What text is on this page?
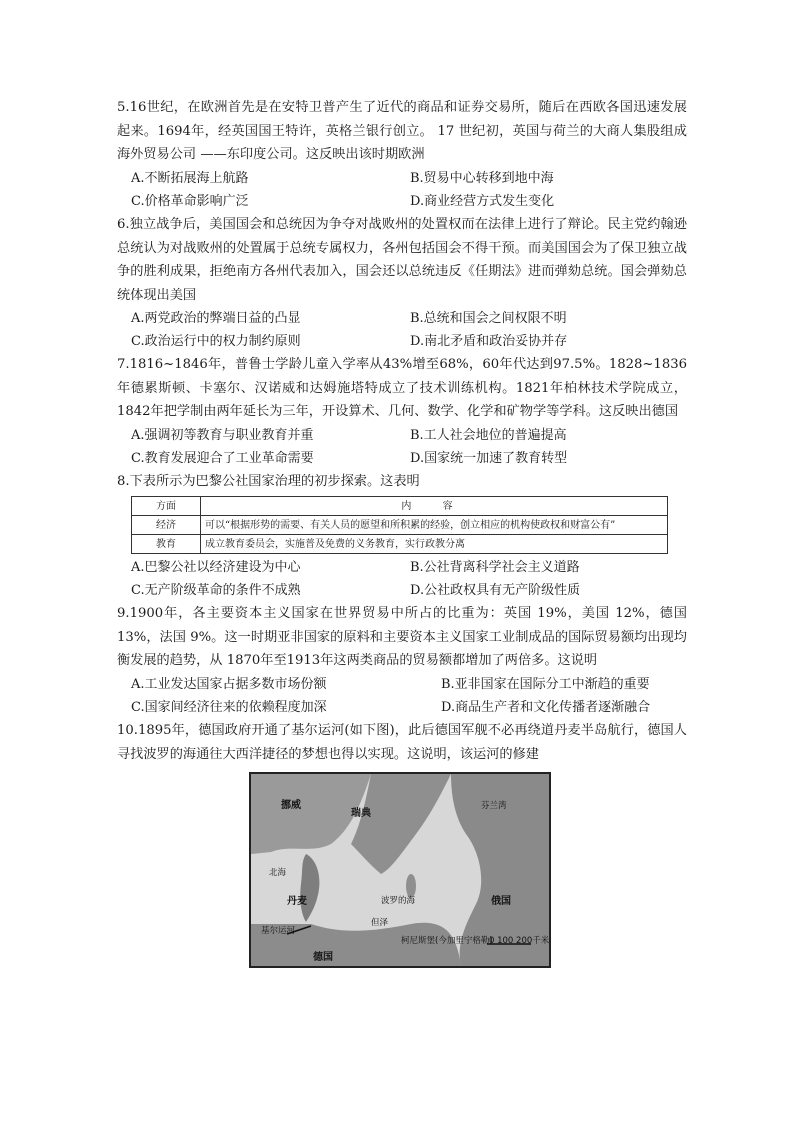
5.16世纪，在欧洲首先是在安特卫普产生了近代的商品和证券交易所，随后在西欧各国迅速发展起来。1694年，经英国国王特许，英格兰银行创立。 17 世纪初，英国与荷兰的大商人集股组成海外贸易公司 ——东印度公司。这反映出该时期欧洲
A.不断拓展海上航路	B.贸易中心转移到地中海
C.价格革命影响广泛	D.商业经营方式发生变化
6.独立战争后，美国国会和总统因为争夺对战败州的处置权而在法律上进行了辩论。民主党约翰逊总统认为对战败州的处置属于总统专属权力，各州包括国会不得干预。而美国国会为了保卫独立战争的胜利成果，拒绝南方各州代表加入，国会还以总统违反《任期法》进而弹劾总统。国会弹劾总统体现出美国
A.两党政治的弊端日益的凸显	B.总统和国会之间权限不明
C.政治运行中的权力制约原则	D.南北矛盾和政治妥协并存
7.1816~1846年，普鲁士学龄儿童入学率从43%增至68%，60年代达到97.5%。1828~1836年德累斯顿、卡塞尔、汉诺威和达姆施塔特成立了技术训练机构。1821年柏林技术学院成立，1842年把学制由两年延长为三年，开设算术、几何、数学、化学和矿物学等学科。这反映出德国
A.强调初等教育与职业教育并重	B.工人社会地位的普遍提高
C.教育发展迎合了工业革命需要	D.国家统一加速了教育转型
8.下表所示为巴黎公社国家治理的初步探索。这表明
方面	内 容
经济	可以“根据形势的需要、有关人员的愿望和所积累的经验，创立相应的机构使政权和财富公有”
教育	成立教育委员会，实施普及免费的义务教育，实行政教分离
A.巴黎公社以经济建设为中心	B.公社背离科学社会主义道路
C.无产阶级革命的条件不成熟	D.公社政权具有无产阶级性质
9.1900年，各主要资本主义国家在世界贸易中所占的比重为：英国 19%，美国 12%，德国 13%，法国 9%。这一时期亚非国家的原料和主要资本主义国家工业制成品的国际贸易额均出现均衡发展的趋势，从 1870年至1913年这两类商品的贸易额都增加了两倍多。这说明
A.工业发达国家占据多数市场份额	B.亚非国家在国际分工中渐趋的重要
C.国家间经济往来的依赖程度加深	D.商品生产者和文化传播者逐渐融合
10.1895年，德国政府开通了基尔运河(如下图)，此后德国军舰不必再绕道丹麦半岛航行，德国人寻找波罗的海通往大西洋捷径的梦想也得以实现。这说明，该运河的修建
挪威
瑞典
芬兰湾
北海
丹麦	波罗的海	俄国
德国
基尔运河
但泽
柯尼斯堡(今加里宁格勒)
0 100 200千米
